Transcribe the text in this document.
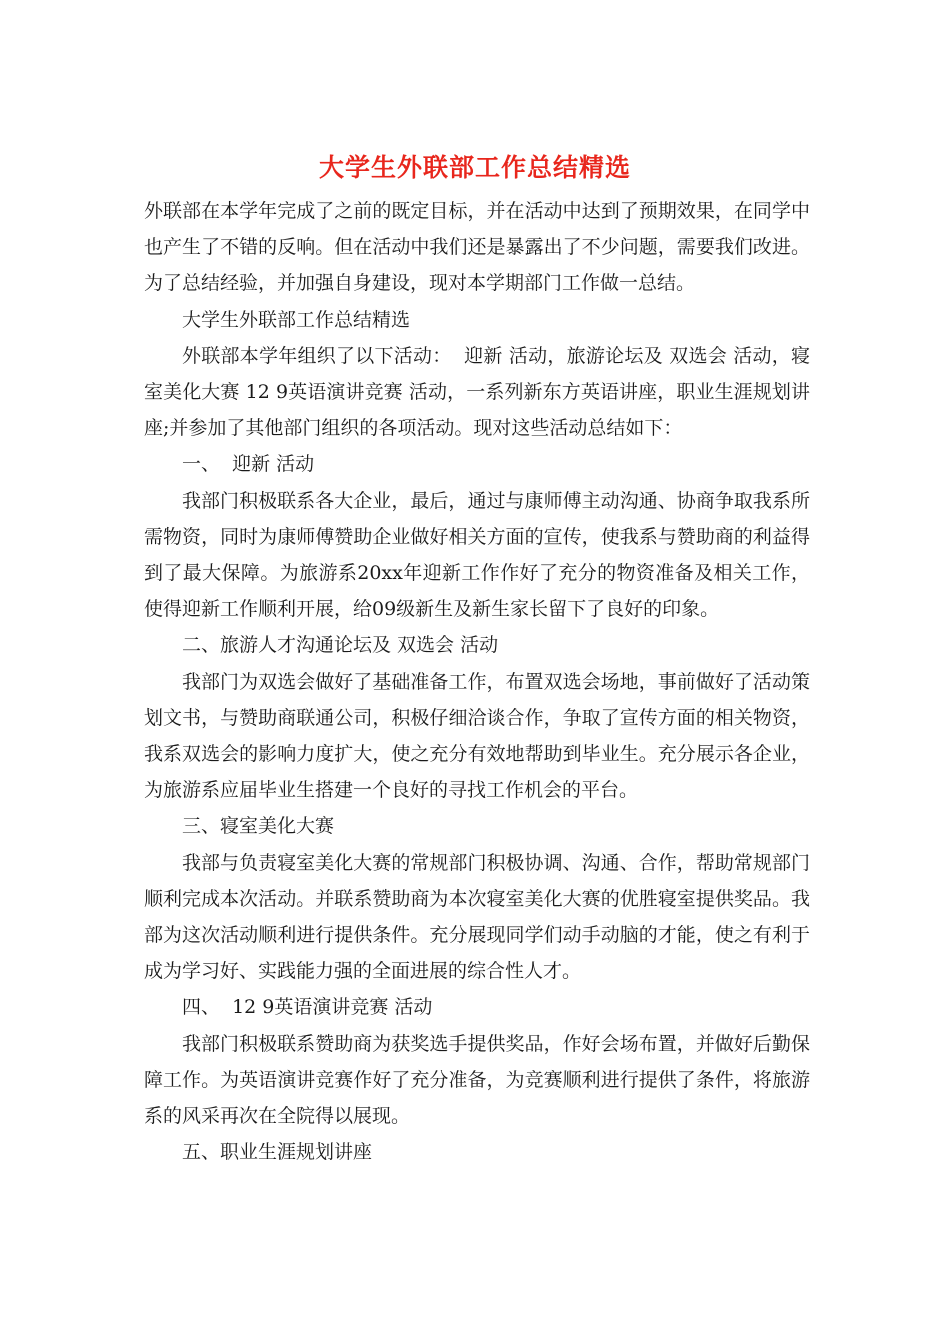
大学生外联部工作总结精选

外联部在本学年完成了之前的既定目标，并在活动中达到了预期效果，在同学中也产生了不错的反响。但在活动中我们还是暴露出了不少问题，需要我们改进。为了总结经验，并加强自身建设，现对本学期部门工作做一总结。

大学生外联部工作总结精选

外联部本学年组织了以下活动：  迎新 活动，旅游论坛及 双选会 活动，寝室美化大赛 12 9英语演讲竞赛 活动，一系列新东方英语讲座，职业生涯规划讲座;并参加了其他部门组织的各项活动。现对这些活动总结如下：

一、  迎新 活动

我部门积极联系各大企业，最后，通过与康师傅主动沟通、协商争取我系所需物资，同时为康师傅赞助企业做好相关方面的宣传，使我系与赞助商的利益得到了最大保障。为旅游系20xx年迎新工作作好了充分的物资准备及相关工作，使得迎新工作顺利开展，给09级新生及新生家长留下了良好的印象。

二、旅游人才沟通论坛及 双选会 活动

我部门为双选会做好了基础准备工作，布置双选会场地，事前做好了活动策划文书，与赞助商联通公司，积极仔细洽谈合作，争取了宣传方面的相关物资，我系双选会的影响力度扩大，使之充分有效地帮助到毕业生。充分展示各企业，为旅游系应届毕业生搭建一个良好的寻找工作机会的平台。

三、寝室美化大赛

我部与负责寝室美化大赛的常规部门积极协调、沟通、合作，帮助常规部门顺利完成本次活动。并联系赞助商为本次寝室美化大赛的优胜寝室提供奖品。我部为这次活动顺利进行提供条件。充分展现同学们动手动脑的才能，使之有利于成为学习好、实践能力强的全面进展的综合性人才。

四、  12 9英语演讲竞赛 活动

我部门积极联系赞助商为获奖选手提供奖品，作好会场布置，并做好后勤保障工作。为英语演讲竞赛作好了充分准备，为竞赛顺利进行提供了条件，将旅游系的风采再次在全院得以展现。

五、职业生涯规划讲座
